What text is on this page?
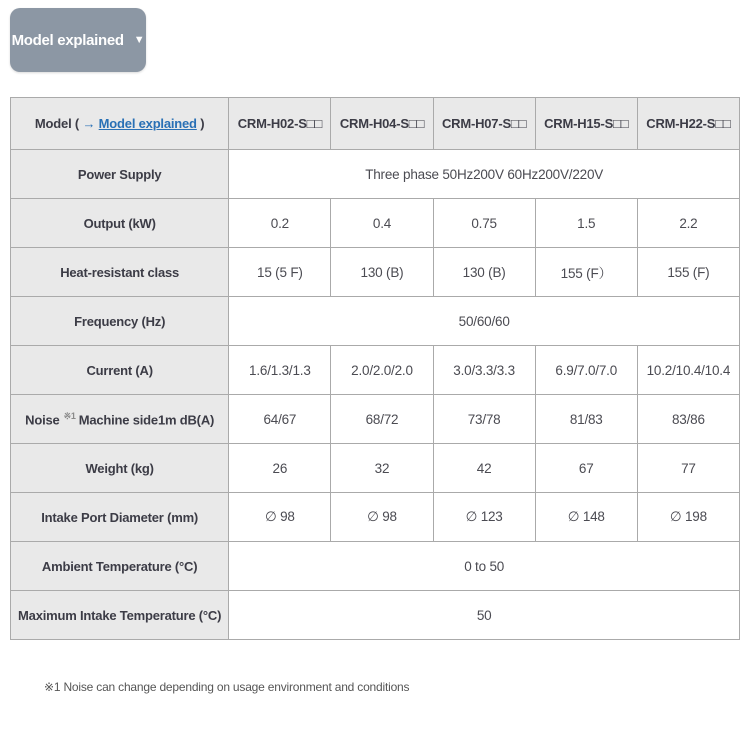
Model explained ▼
Model ( → Model explained )	CRM-H02-S□□	CRM-H04-S□□	CRM-H07-S□□	CRM-H15-S□□	CRM-H22-S□□
Power Supply	Three phase 50Hz200V 60Hz200V/220V				
Output (kW)	0.2	0.4	0.75	1.5	2.2
Heat-resistant class	15 (5 F)	130 (B)	130 (B)	155 (F）	155 (F)
Frequency (Hz)	50/60/60				
Current (A)	1.6/1.3/1.3	2.0/2.0/2.0	3.0/3.3/3.3	6.9/7.0/7.0	10.2/10.4/10.4
Noise $^{※1}$ Machine side1m dB(A)	64/67	68/72	73/78	81/83	83/86
Weight (kg)	26	32	42	67	77
Intake Port Diameter (mm)	∅ 98	∅ 98	∅ 123	∅ 148	∅ 198
Ambient Temperature (°C)	0 to 50				
Maximum Intake Temperature (°C)	50				
※1 Noise can change depending on usage environment and conditions
